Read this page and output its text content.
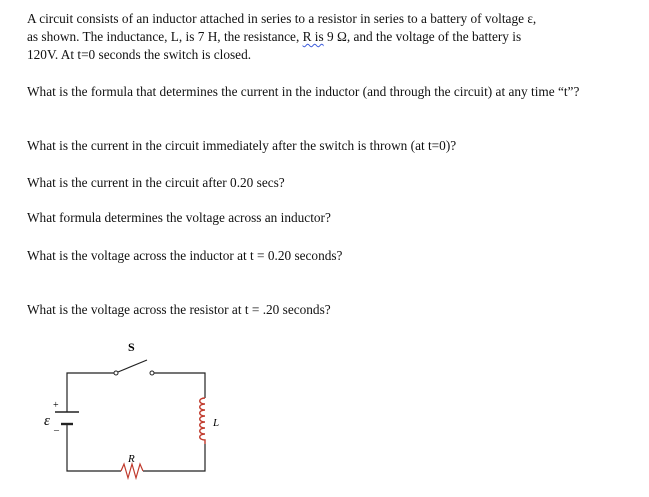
A circuit consists of an inductor attached in series to a resistor in series to a battery of voltage ε,
as shown. The inductance, L, is 7 H, the resistance, R is 9 Ω, and the voltage of the battery is
120V. At t=0 seconds the switch is closed.

What is the formula that determines the current in the inductor (and through the circuit) at any time “t”?

What is the current in the circuit immediately after the switch is thrown (at t=0)?

What is the current in the circuit after 0.20 secs?

What formula determines the voltage across an inductor?

What is the voltage across the inductor at t = 0.20 seconds?

What is the voltage across the resistor at t = .20 seconds?

S
+
–
ε
R
L
